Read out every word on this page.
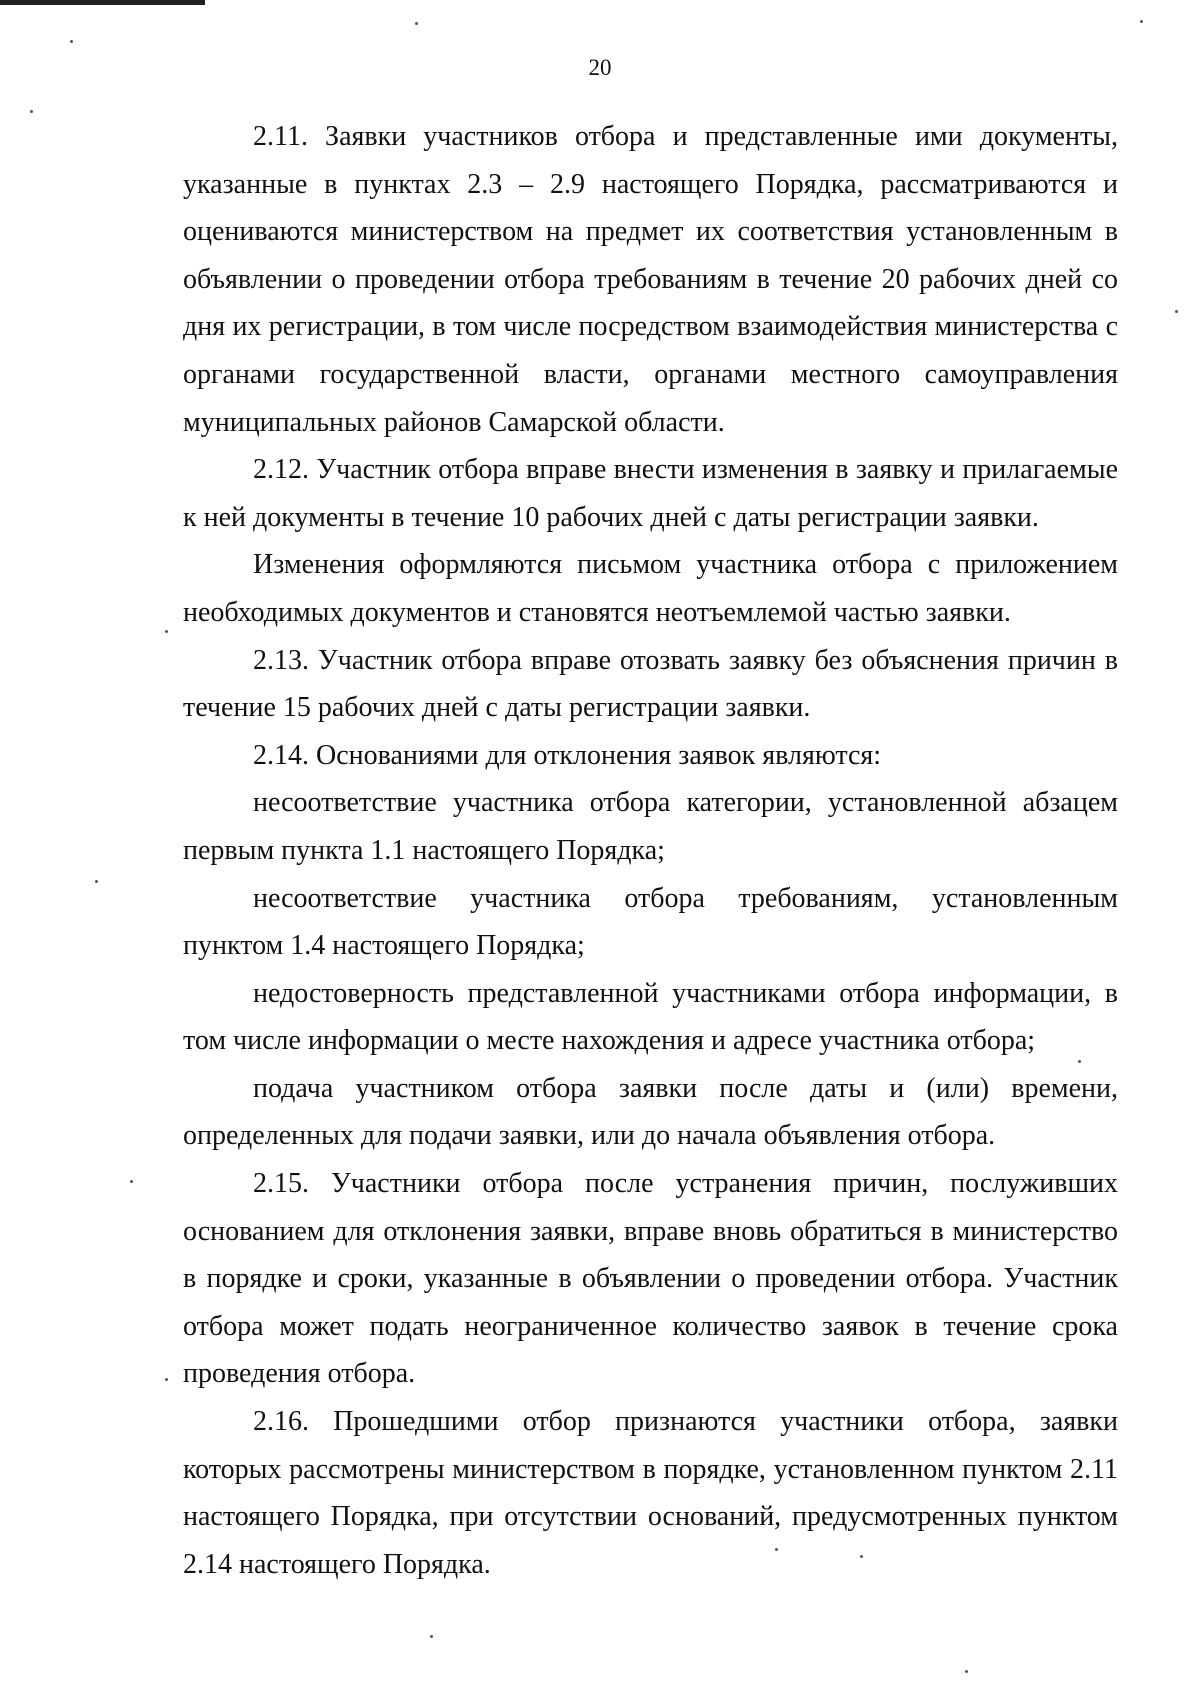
20

2.11. Заявки участников отбора и представленные ими документы, указанные в пунктах 2.3 – 2.9 настоящего Порядка, рассматриваются и оцениваются министерством на предмет их соответствия установленным в объявлении о проведении отбора требованиям в течение 20 рабочих дней со дня их регистрации, в том числе посредством взаимодействия министерства с органами государственной власти, органами местного самоуправления муниципальных районов Самарской области.

2.12. Участник отбора вправе внести изменения в заявку и прилагаемые к ней документы в течение 10 рабочих дней с даты регистрации заявки.

Изменения оформляются письмом участника отбора с приложением необходимых документов и становятся неотъемлемой частью заявки.

2.13. Участник отбора вправе отозвать заявку без объяснения причин в течение 15 рабочих дней с даты регистрации заявки.

2.14. Основаниями для отклонения заявок являются:

несоответствие участника отбора категории, установленной абзацем первым пункта 1.1 настоящего Порядка;

несоответствие участника отбора требованиям, установленным пунктом 1.4 настоящего Порядка;

недостоверность представленной участниками отбора информации, в том числе информации о месте нахождения и адресе участника отбора;

подача участником отбора заявки после даты и (или) времени, определенных для подачи заявки, или до начала объявления отбора.

2.15. Участники отбора после устранения причин, послуживших основанием для отклонения заявки, вправе вновь обратиться в министерство в порядке и сроки, указанные в объявлении о проведении отбора. Участник отбора может подать неограниченное количество заявок в течение срока проведения отбора.

2.16. Прошедшими отбор признаются участники отбора, заявки которых рассмотрены министерством в порядке, установленном пунктом 2.11 настоящего Порядка, при отсутствии оснований, предусмотренных пунктом 2.14 настоящего Порядка.
